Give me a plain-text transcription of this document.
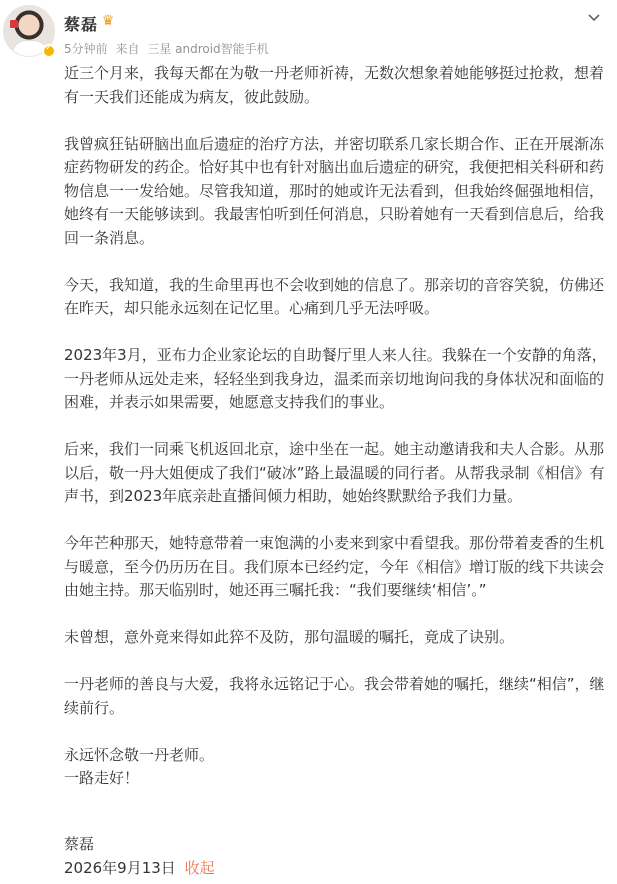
✓
蔡磊 ♛
5分钟前 来自 三星 android智能手机

近三个月来，我每天都在为敬一丹老师祈祷，无数次想象着她能够挺过抢救，想着有一天我们还能成为病友，彼此鼓励。

我曾疯狂钻研脑出血后遗症的治疗方法，并密切联系几家长期合作、正在开展渐冻症药物研发的药企。恰好其中也有针对脑出血后遗症的研究，我便把相关科研和药物信息一一发给她。尽管我知道，那时的她或许无法看到，但我始终倔强地相信，她终有一天能够读到。我最害怕听到任何消息，只盼着她有一天看到信息后，给我回一条消息。

今天，我知道，我的生命里再也不会收到她的信息了。那亲切的音容笑貌，仿佛还在昨天，却只能永远刻在记忆里。心痛到几乎无法呼吸。

2023年3月，亚布力企业家论坛的自助餐厅里人来人往。我躲在一个安静的角落，一丹老师从远处走来，轻轻坐到我身边，温柔而亲切地询问我的身体状况和面临的困难，并表示如果需要，她愿意支持我们的事业。

后来，我们一同乘飞机返回北京，途中坐在一起。她主动邀请我和夫人合影。从那以后，敬一丹大姐便成了我们“破冰”路上最温暖的同行者。从帮我录制《相信》有声书，到2023年底亲赴直播间倾力相助，她始终默默给予我们力量。

今年芒种那天，她特意带着一束饱满的小麦来到家中看望我。那份带着麦香的生机与暖意，至今仍历历在目。我们原本已经约定，今年《相信》增订版的线下共读会由她主持。那天临别时，她还再三嘱托我：“我们要继续‘相信’。”

未曾想，意外竟来得如此猝不及防，那句温暖的嘱托，竟成了诀别。

一丹老师的善良与大爱，我将永远铭记于心。我会带着她的嘱托，继续“相信”，继续前行。

永远怀念敬一丹老师。

一路走好！

蔡磊
2026年9月13日 收起
